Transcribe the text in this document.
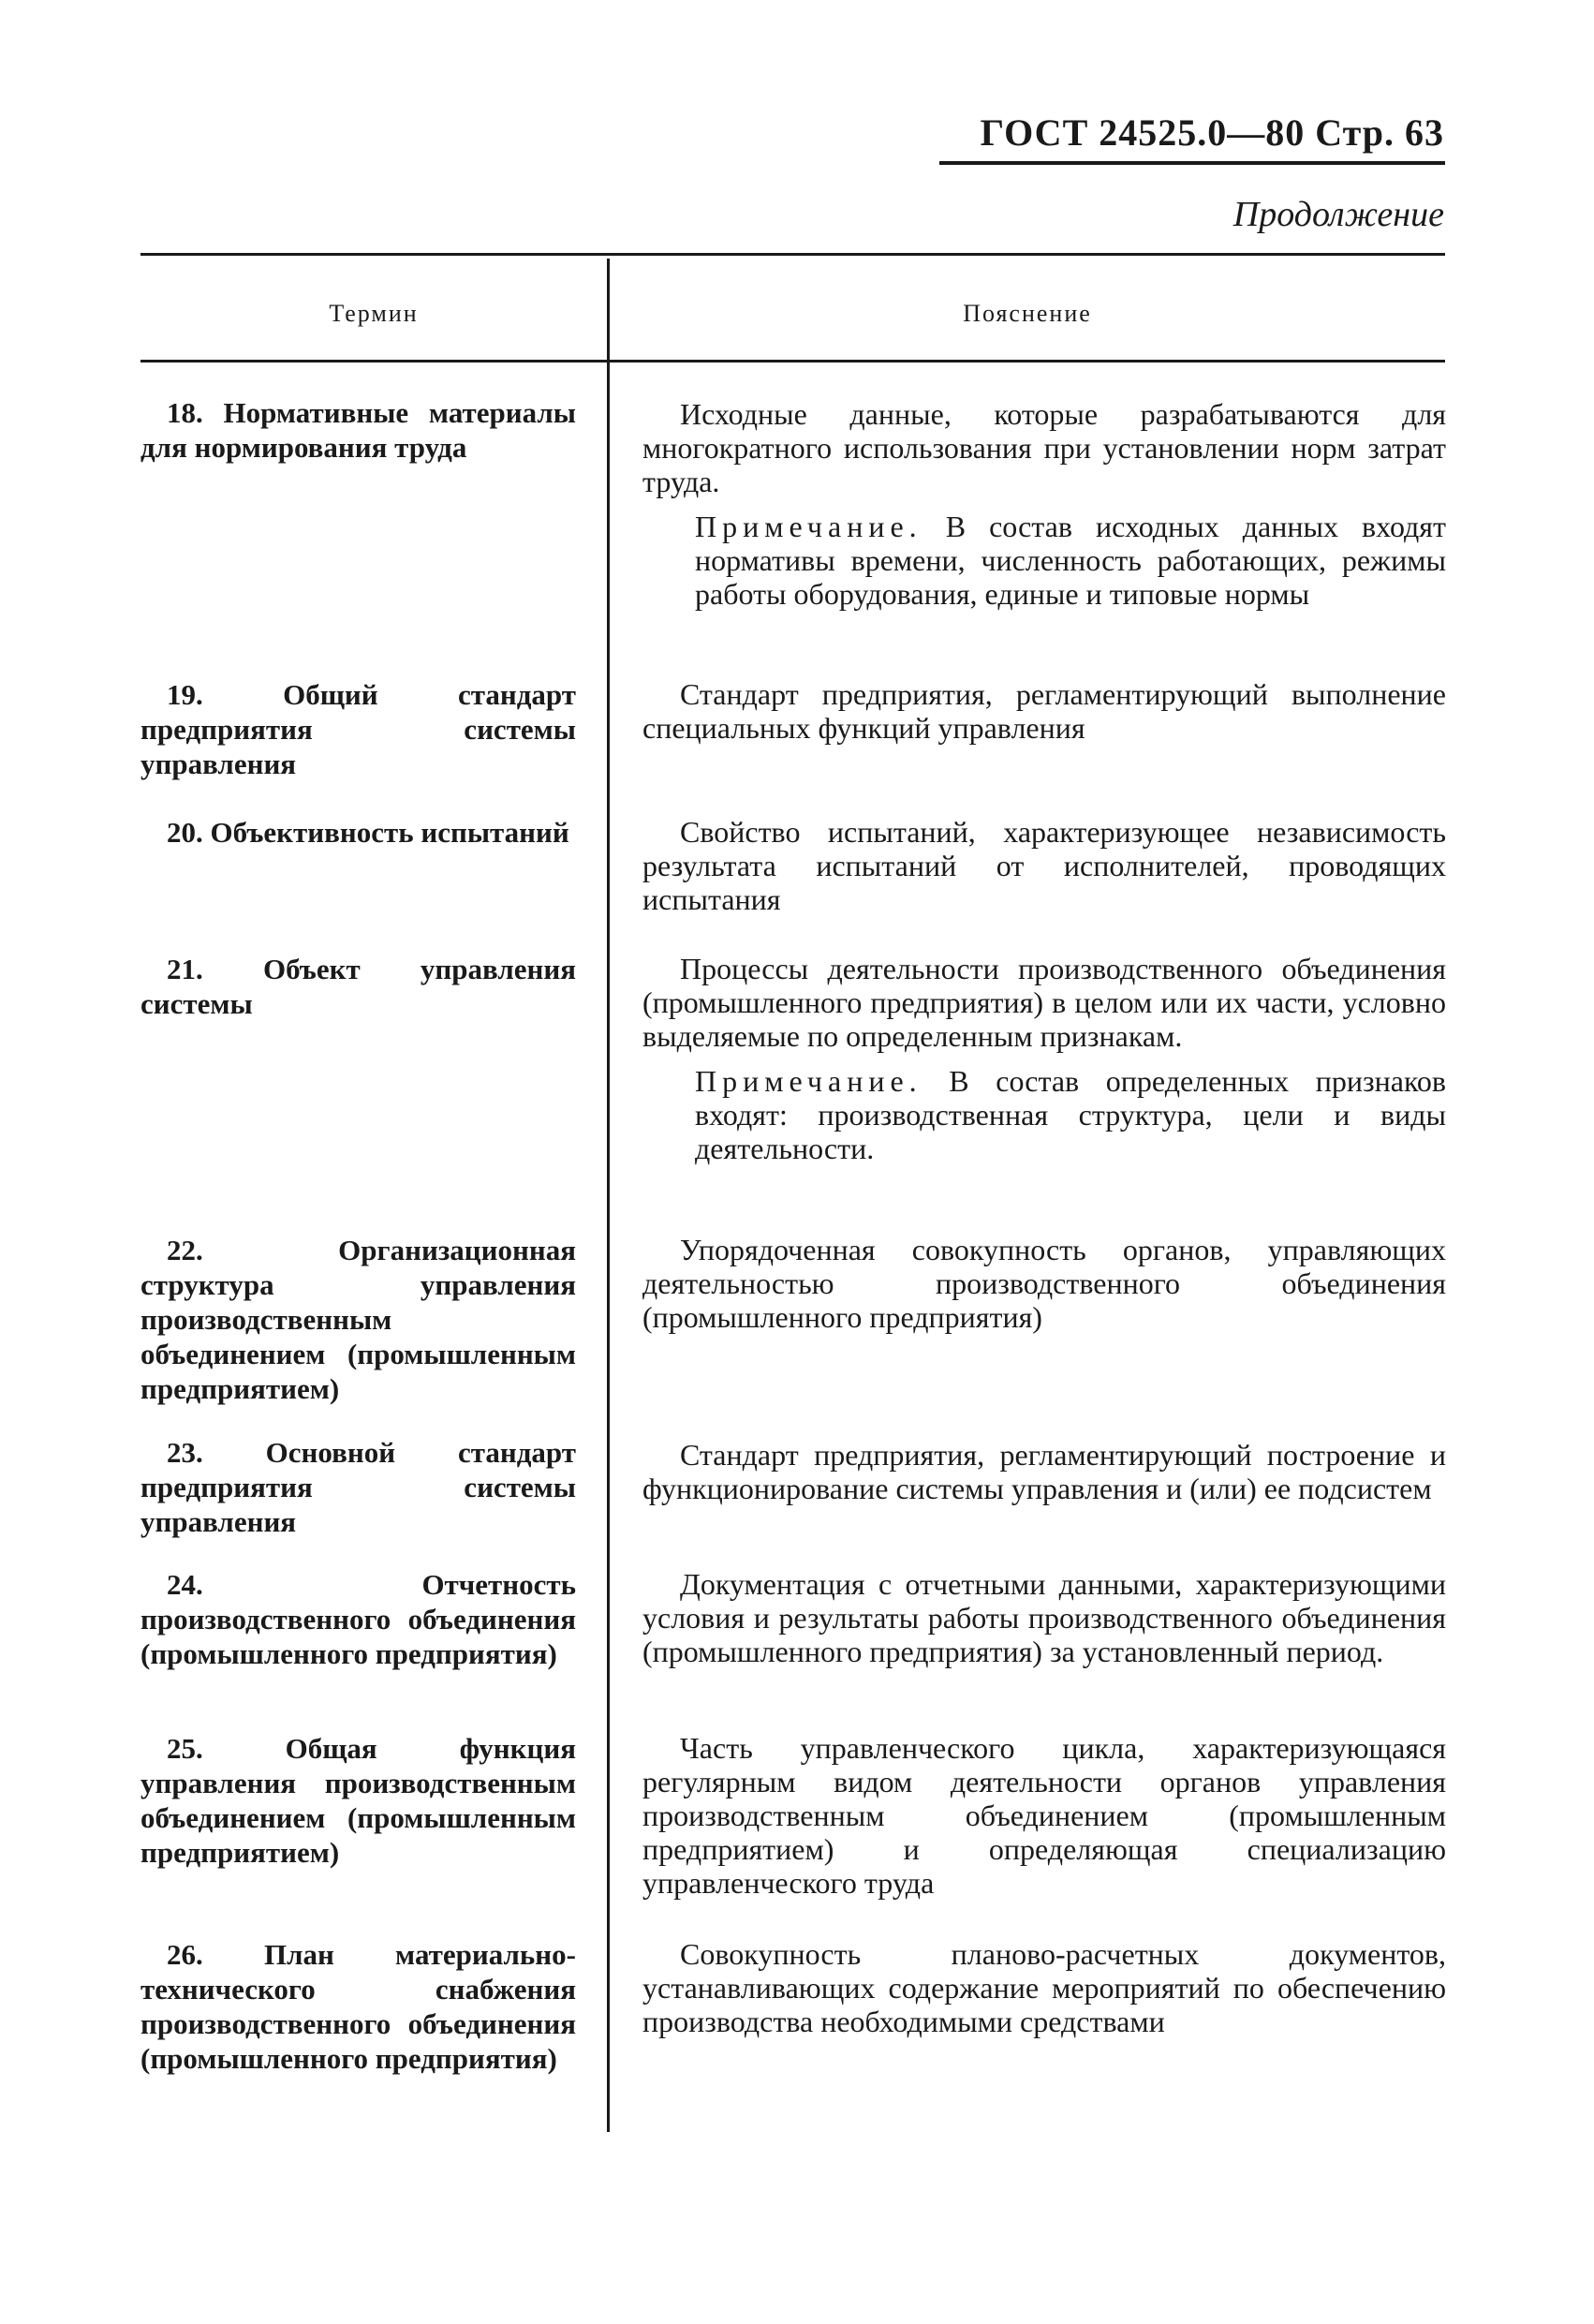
ГОСТ 24525.0—80 Стр. 63
Продолжение
Термин	Пояснение
18. Нормативные материалы для нормирования труда
Исходные данные, которые разрабатываются для многократного использования при установлении норм затрат труда.
Примечание. В состав исходных данных входят нормативы времени, численность работающих, режимы работы оборудования, единые и типовые нормы
19. Общий стандарт предприятия системы управления
Стандарт предприятия, регламентирующий выполнение специальных функций управления
20. Объективность испытаний	Свойство испытаний, характеризующее независимость результата испытаний от исполнителей, проводящих испытания
21. Объект управления системы
Процессы деятельности производственного объединения (промышленного предприятия) в целом или их части, условно выделяемые по определенным признакам.
Примечание. В состав определенных признаков входят: производственная структура, цели и виды деятельности.
22. Организационная структура управления производственным объединением (промышленным предприятием)
Упорядоченная совокупность органов, управляющих деятельностью производственного объединения (промышленного предприятия)
23. Основной стандарт предприятия системы управления
Стандарт предприятия, регламентирующий построение и функционирование системы управления и (или) ее подсистем
24. Отчетность производственного объединения (промышленного предприятия)
Документация с отчетными данными, характеризующими условия и результаты работы производственного объединения (промышленного предприятия) за установленный период.
25. Общая функция управления производственным объединением (промышленным предприятием)
Часть управленческого цикла, характеризующаяся регулярным видом деятельности органов управления производственным объединением (промышленным предприятием) и определяющая специализацию управленческого труда
26. План материально-технического снабжения производственного объединения (промышленного предприятия)
Совокупность планово-расчетных документов, устанавливающих содержание мероприятий по обеспечению производства необходимыми средствами
